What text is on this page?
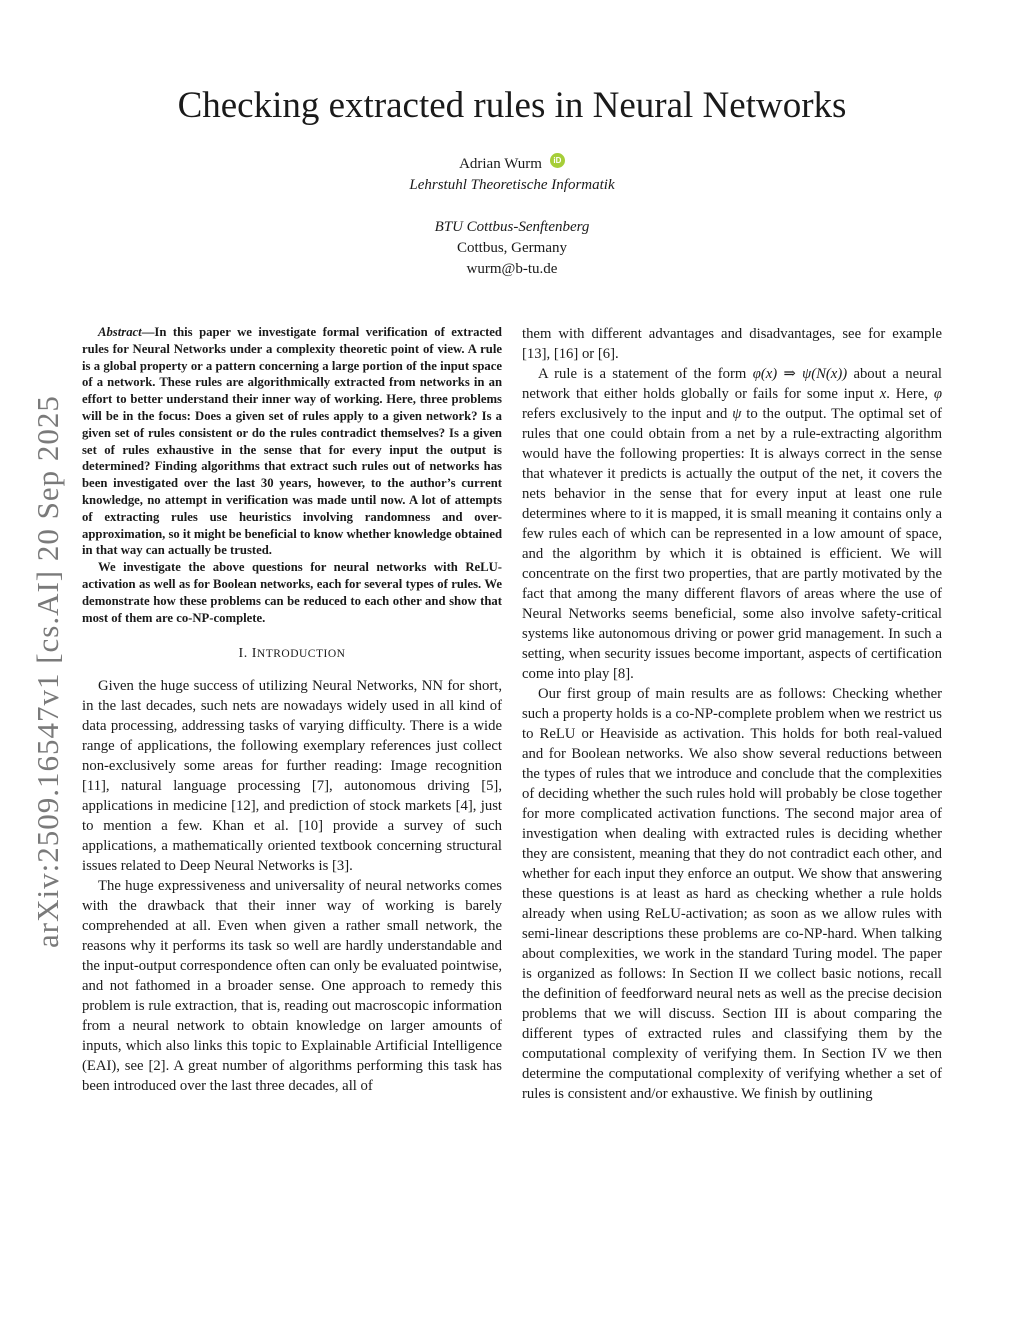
arXiv:2509.16547v1 [cs.AI] 20 Sep 2025
Checking extracted rules in Neural Networks
Adrian Wurm	iD
Lehrstuhl Theoretische Informatik
BTU Cottbus-Senftenberg
Cottbus, Germany
wurm@b-tu.de

Abstract—In this paper we investigate formal verification of extracted rules for Neural Networks under a complexity theoretic point of view. A rule is a global property or a pattern concerning a large portion of the input space of a network. These rules are algorithmically extracted from networks in an effort to better understand their inner way of working. Here, three problems will be in the focus: Does a given set of rules apply to a given network? Is a given set of rules consistent or do the rules contradict themselves? Is a given set of rules exhaustive in the sense that for every input the output is determined? Finding algorithms that extract such rules out of networks has been investigated over the last 30 years, however, to the author’s current knowledge, no attempt in verification was made until now. A lot of attempts of extracting rules use heuristics involving randomness and over-approximation, so it might be beneficial to know whether knowledge obtained in that way can actually be trusted.

We investigate the above questions for neural networks with ReLU-activation as well as for Boolean networks, each for several types of rules. We demonstrate how these problems can be reduced to each other and show that most of them are co-NP-complete.

I. INTRODUCTION

Given the huge success of utilizing Neural Networks, NN for short, in the last decades, such nets are nowadays widely used in all kind of data processing, addressing tasks of varying difficulty. There is a wide range of applications, the following exemplary references just collect non-exclusively some areas for further reading: Image recognition [11], natural language processing [7], autonomous driving [5], applications in medicine [12], and prediction of stock markets [4], just to mention a few. Khan et al. [10] provide a survey of such applications, a mathematically oriented textbook concerning structural issues related to Deep Neural Networks is [3].

The huge expressiveness and universality of neural networks comes with the drawback that their inner way of working is barely comprehended at all. Even when given a rather small network, the reasons why it performs its task so well are hardly understandable and the input-output correspondence often can only be evaluated pointwise, and not fathomed in a broader sense. One approach to remedy this problem is rule extraction, that is, reading out macroscopic information from a neural network to obtain knowledge on larger amounts of inputs, which also links this topic to Explainable Artificial Intelligence (EAI), see [2]. A great number of algorithms performing this task has been introduced over the last three decades, all of

them with different advantages and disadvantages, see for example [13], [16] or [6].

A rule is a statement of the form φ(x) ⇒ ψ(N(x)) about a neural network that either holds globally or fails for some input x. Here, φ refers exclusively to the input and ψ to the output. The optimal set of rules that one could obtain from a net by a rule-extracting algorithm would have the following properties: It is always correct in the sense that whatever it predicts is actually the output of the net, it covers the nets behavior in the sense that for every input at least one rule determines where to it is mapped, it is small meaning it contains only a few rules each of which can be represented in a low amount of space, and the algorithm by which it is obtained is efficient. We will concentrate on the first two properties, that are partly motivated by the fact that among the many different flavors of areas where the use of Neural Networks seems beneficial, some also involve safety-critical systems like autonomous driving or power grid management. In such a setting, when security issues become important, aspects of certification come into play [8].

Our first group of main results are as follows: Checking whether such a property holds is a co-NP-complete problem when we restrict us to ReLU or Heaviside as activation. This holds for both real-valued and for Boolean networks. We also show several reductions between the types of rules that we introduce and conclude that the complexities of deciding whether the such rules hold will probably be close together for more complicated activation functions. The second major area of investigation when dealing with extracted rules is deciding whether they are consistent, meaning that they do not contradict each other, and whether for each input they enforce an output. We show that answering these questions is at least as hard as checking whether a rule holds already when using ReLU-activation; as soon as we allow rules with semi-linear descriptions these problems are co-NP-hard. When talking about complexities, we work in the standard Turing model. The paper is organized as follows: In Section II we collect basic notions, recall the definition of feedforward neural nets as well as the precise decision problems that we will discuss. Section III is about comparing the different types of extracted rules and classifying them by the computational complexity of verifying them. In Section IV we then determine the computational complexity of verifying whether a set of rules is consistent and/or exhaustive. We finish by outlining
